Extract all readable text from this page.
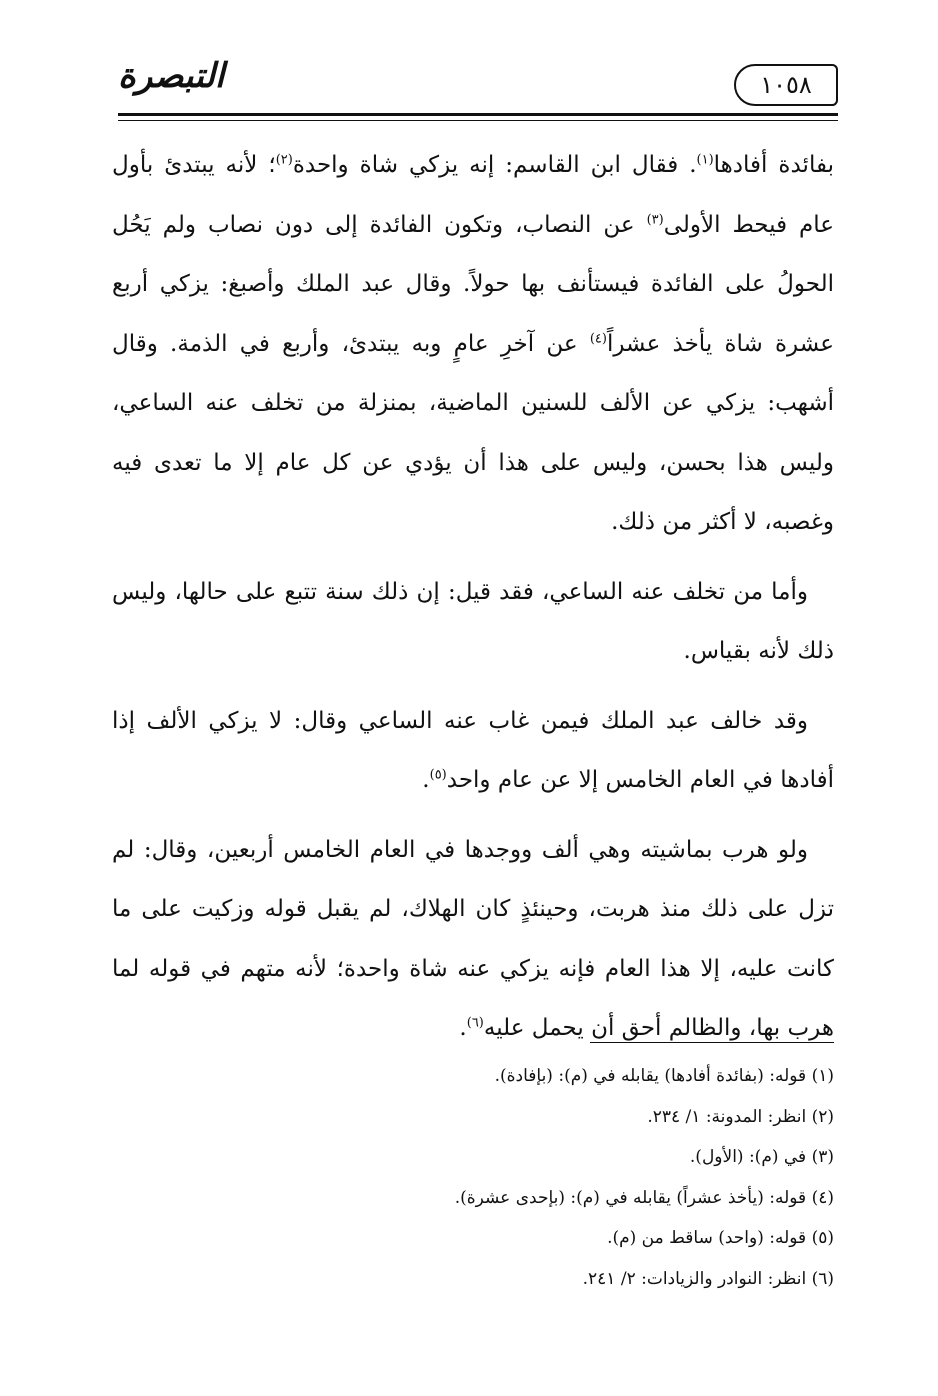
التبصرة	١٠٥٨

بفائدة أفادها$^{(١)}$. فقال ابن القاسم: إنه يزكي شاة واحدة$^{(٢)}$؛ لأنه يبتدئ بأول عام فيحط الأولى$^{(٣)}$ عن النصاب، وتكون الفائدة إلى دون نصاب ولم يَحُل الحولُ على الفائدة فيستأنف بها حولاً. وقال عبد الملك وأصبغ: يزكي أربع عشرة شاة يأخذ عشراً$^{(٤)}$ عن آخرِ عامٍ وبه يبتدئ، وأربع في الذمة. وقال أشهب: يزكي عن الألف للسنين الماضية، بمنزلة من تخلف عنه الساعي، وليس هذا بحسن، وليس على هذا أن يؤدي عن كل عام إلا ما تعدى فيه وغصبه، لا أكثر من ذلك.

وأما من تخلف عنه الساعي، فقد قيل: إن ذلك سنة تتبع على حالها، وليس ذلك لأنه بقياس.

وقد خالف عبد الملك فيمن غاب عنه الساعي وقال: لا يزكي الألف إذا أفادها في العام الخامس إلا عن عام واحد$^{(٥)}$.

ولو هرب بماشيته وهي ألف ووجدها في العام الخامس أربعين، وقال: لم تزل على ذلك منذ هربت، وحينئذٍ كان الهلاك، لم يقبل قوله وزكيت على ما كانت عليه، إلا هذا العام فإنه يزكي عنه شاة واحدة؛ لأنه متهم في قوله لما هرب بها، والظالم أحق أن يحمل عليه$^{(٦)}$.

(١) قوله: (بفائدة أفادها) يقابله في (م): (بإفادة).

(٢) انظر: المدونة: ١/ ٢٣٤.

(٣) في (م): (الأول).

(٤) قوله: (يأخذ عشراً) يقابله في (م): (بإحدى عشرة).

(٥) قوله: (واحد) ساقط من (م).

(٦) انظر: النوادر والزيادات: ٢/ ٢٤١.
